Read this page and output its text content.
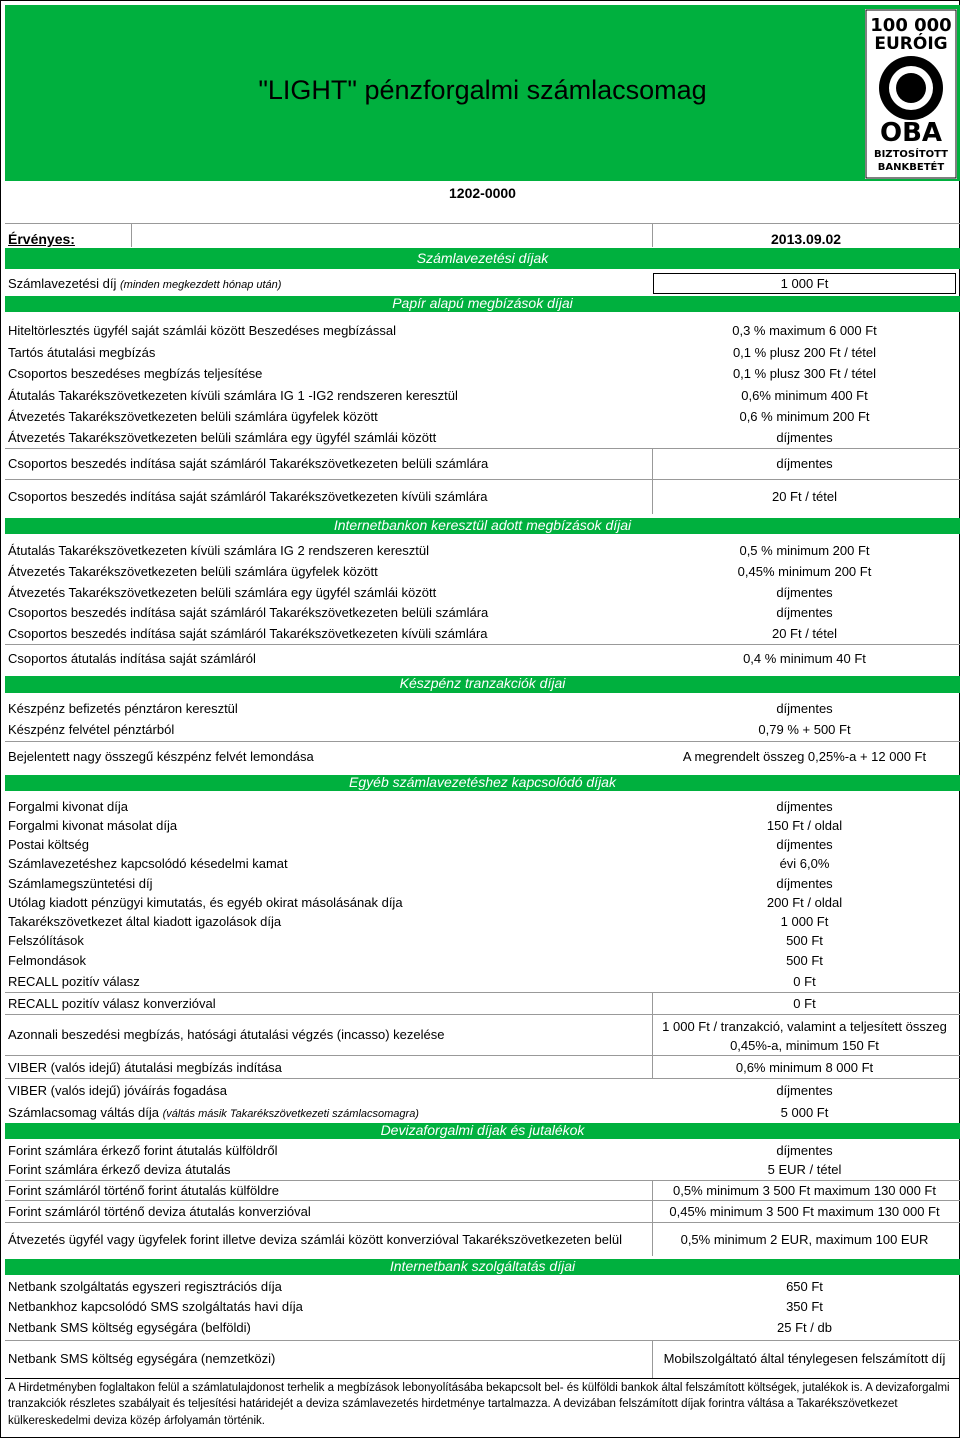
"LIGHT" pénzforgalmi számlacsomag
100 000
EURÓIG
OBA
BIZTOSÍTOTT
BANKBETÉT
1202-0000
Érvényes:	2013.09.02
Számlavezetési díjak
Számlavezetési díj (minden megkezdett hónap után)	1 000 Ft
Papír alapú megbízások díjai
Hiteltörlesztés ügyfél saját számlái között Beszedéses megbízással	0,3 % maximum 6 000 Ft
Tartós átutalási megbízás	0,1 % plusz 200 Ft / tétel
Csoportos beszedéses megbízás teljesítése	0,1 % plusz 300 Ft / tétel
Átutalás Takarékszövetkezeten kívüli számlára IG 1 -IG2 rendszeren keresztül	0,6% minimum 400 Ft
Átvezetés Takarékszövetkezeten belüli számlára ügyfelek között	0,6 % minimum 200 Ft
Átvezetés Takarékszövetkezeten belüli számlára egy ügyfél számlái között	díjmentes
Csoportos beszedés indítása saját számláról Takarékszövetkezeten belüli számlára	díjmentes
Csoportos beszedés indítása saját számláról Takarékszövetkezeten kívüli számlára	20 Ft / tétel
Internetbankon keresztül adott megbízások díjai
Átutalás Takarékszövetkezeten kívüli számlára IG 2 rendszeren keresztül	0,5 % minimum 200 Ft
Átvezetés Takarékszövetkezeten belüli számlára ügyfelek között	0,45% minimum 200 Ft
Átvezetés Takarékszövetkezeten belüli számlára egy ügyfél számlái között	díjmentes
Csoportos beszedés indítása saját számláról Takarékszövetkezeten belüli számlára	díjmentes
Csoportos beszedés indítása saját számláról Takarékszövetkezeten kívüli számlára	20 Ft / tétel
Csoportos átutalás indítása saját számláról	0,4 % minimum 40 Ft
Készpénz tranzakciók díjai
Készpénz befizetés pénztáron keresztül	díjmentes
Készpénz felvétel pénztárból	0,79 % + 500 Ft
Bejelentett nagy összegű készpénz felvét lemondása	A megrendelt összeg 0,25%-a + 12 000 Ft
Egyéb számlavezetéshez kapcsolódó díjak
Forgalmi kivonat díja	díjmentes
Forgalmi kivonat másolat díja	150 Ft / oldal
Postai költség	díjmentes
Számlavezetéshez kapcsolódó késedelmi kamat	évi 6,0%
Számlamegszüntetési díj	díjmentes
Utólag kiadott pénzügyi kimutatás, és egyéb okirat másolásának díja	200 Ft / oldal
Takarékszövetkezet által kiadott igazolások díja	1 000 Ft
Felszólítások	500 Ft
Felmondások	500 Ft
RECALL pozitív válasz	0 Ft
RECALL pozitív válasz konverzióval	0 Ft
Azonnali beszedési megbízás, hatósági átutalási végzés (incasso) kezelése
1 000 Ft / tranzakció, valamint a teljesített összeg
0,45%-a, minimum 150 Ft
VIBER (valós idejű) átutalási megbízás indítása	0,6% minimum 8 000 Ft
VIBER (valós idejű) jóváírás fogadása	díjmentes
Számlacsomag váltás díja (váltás másik Takarékszövetkezeti számlacsomagra)	5 000 Ft
Devizaforgalmi díjak és jutalékok
Forint számlára érkező forint átutalás külföldről	díjmentes
Forint számlára érkező deviza átutalás	5 EUR / tétel
Forint számláról történő forint átutalás külföldre	0,5% minimum 3 500 Ft maximum 130 000 Ft
Forint számláról történő deviza átutalás konverzióval	0,45% minimum 3 500 Ft maximum 130 000 Ft
Átvezetés ügyfél vagy ügyfelek forint illetve deviza számlái között konverzióval Takarékszövetkezeten belül	0,5% minimum 2 EUR, maximum 100 EUR
Internetbank szolgáltatás díjai
Netbank szolgáltatás egyszeri regisztrációs díja	650 Ft
Netbankhoz kapcsolódó SMS szolgáltatás havi díja	350 Ft
Netbank SMS költség egységára (belföldi)	25 Ft / db
Netbank SMS költség egységára (nemzetközi)	Mobilszolgáltató által ténylegesen felszámított díj
A Hirdetményben foglaltakon felül a számlatulajdonost terhelik a megbízások lebonyolításába bekapcsolt bel- és külföldi bankok által felszámított költségek, jutalékok is. A devizaforgalmi tranzakciók részletes szabályait és teljesítési határidejét a deviza számlavezetés hirdetménye tartalmazza. A devizában felszámított díjak forintra váltása a Takarékszövetkezet külkereskedelmi deviza közép árfolyamán történik.
